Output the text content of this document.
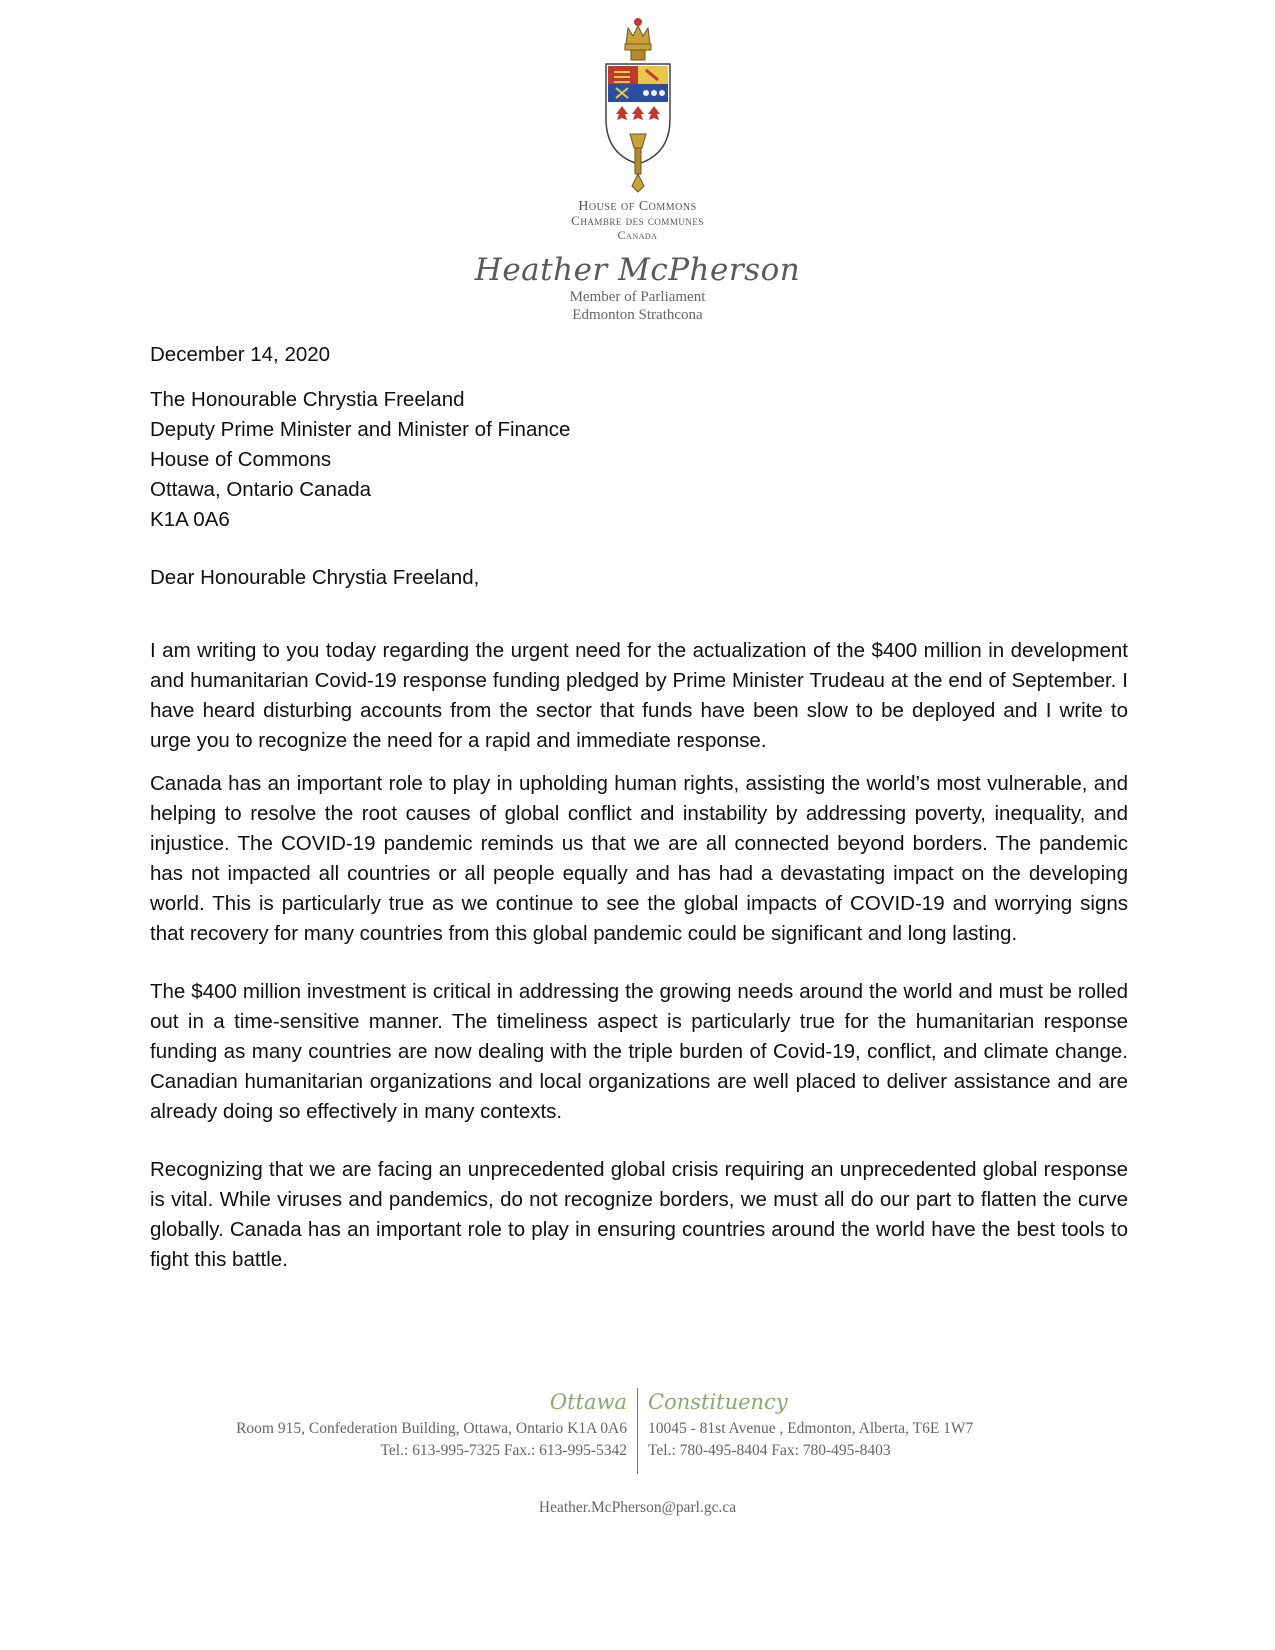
House of Commons
Chambre des communes
Canada
Heather McPherson
Member of Parliament
Edmonton Strathcona

December 14, 2020

The Honourable Chrystia Freeland
Deputy Prime Minister and Minister of Finance
House of Commons
Ottawa, Ontario Canada
K1A 0A6

Dear Honourable Chrystia Freeland,

I am writing to you today regarding the urgent need for the actualization of the $400 million in development and humanitarian Covid-19 response funding pledged by Prime Minister Trudeau at the end of September. I have heard disturbing accounts from the sector that funds have been slow to be deployed and I write to urge you to recognize the need for a rapid and immediate response.

Canada has an important role to play in upholding human rights, assisting the world’s most vulnerable, and helping to resolve the root causes of global conflict and instability by addressing poverty, inequality, and injustice. The COVID-19 pandemic reminds us that we are all connected beyond borders. The pandemic has not impacted all countries or all people equally and has had a devastating impact on the developing world. This is particularly true as we continue to see the global impacts of COVID-19 and worrying signs that recovery for many countries from this global pandemic could be significant and long lasting.

The $400 million investment is critical in addressing the growing needs around the world and must be rolled out in a time-sensitive manner. The timeliness aspect is particularly true for the humanitarian response funding as many countries are now dealing with the triple burden of Covid-19, conflict, and climate change. Canadian humanitarian organizations and local organizations are well placed to deliver assistance and are already doing so effectively in many contexts.

Recognizing that we are facing an unprecedented global crisis requiring an unprecedented global response is vital. While viruses and pandemics, do not recognize borders, we must all do our part to flatten the curve globally. Canada has an important role to play in ensuring countries around the world have the best tools to fight this battle.

Ottawa
Room 915, Confederation Building, Ottawa, Ontario K1A 0A6
Tel.: 613-995-7325 Fax.: 613-995-5342
Constituency
10045 - 81st Avenue , Edmonton, Alberta, T6E 1W7
Tel.: 780-495-8404 Fax: 780-495-8403
Heather.McPherson@parl.gc.ca
